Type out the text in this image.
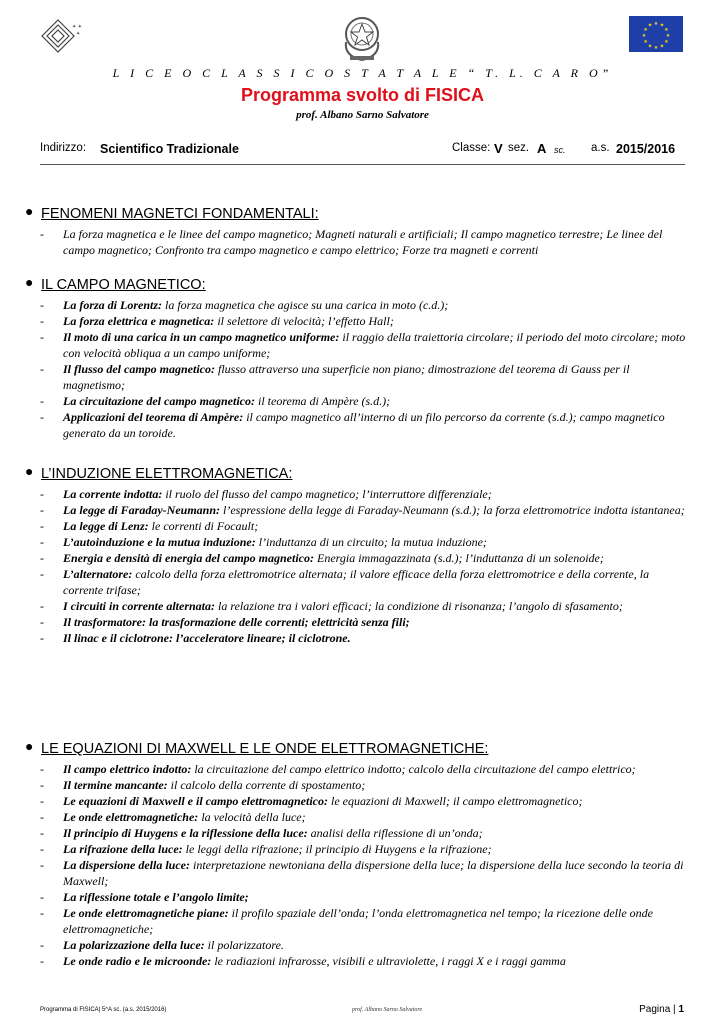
✦ ✦
✦
★ ★
★
★
★
★
★
★
★
★
★
★
L I C E O C L A S S I C O S T A T A L E “ T. L. C A R O”
Programma svolto di FISICA
prof. Albano Sarno Salvatore
Indirizzo: Scientifico Tradizionale	Classe: V sez. A sc. a.s. 2015/2016
● FENOMENI MAGNETCI FONDAMENTALI:
- La forza magnetica e le linee del campo magnetico; Magneti naturali e artificiali; Il campo magnetico terrestre; Le linee del campo magnetico; Confronto tra campo magnetico e campo elettrico; Forze tra magneti e correnti
● IL CAMPO MAGNETICO:
- La forza di Lorentz: la forza magnetica che agisce su una carica in moto (c.d.);
- La forza elettrica e magnetica: il selettore di velocità; l’effetto Hall;
- Il moto di una carica in un campo magnetico uniforme: il raggio della traiettoria circolare; il periodo del moto circolare; moto con velocità obliqua a un campo uniforme;
- Il flusso del campo magnetico: flusso attraverso una superficie non piano; dimostrazione del teorema di Gauss per il magnetismo;
- La circuitazione del campo magnetico: il teorema di Ampère (s.d.);
- Applicazioni del teorema di Ampère: il campo magnetico all’interno di un filo percorso da corrente (s.d.); campo magnetico generato da un toroide.
● L’INDUZIONE ELETTROMAGNETICA:
- La corrente indotta: il ruolo del flusso del campo magnetico; l’interruttore differenziale;
- La legge di Faraday-Neumann: l’espressione della legge di Faraday-Neumann (s.d.); la forza elettromotrice indotta istantanea;
- La legge di Lenz: le correnti di Focault;
- L’autoinduzione e la mutua induzione: l’induttanza di un circuito; la mutua induzione;
- Energia e densità di energia del campo magnetico: Energia immagazzinata (s.d.); l’induttanza di un solenoide;
- L’alternatore: calcolo della forza elettromotrice alternata; il valore efficace della forza elettromotrice e della corrente, la corrente trifase;
- I circuiti in corrente alternata: la relazione tra i valori efficaci; la condizione di risonanza; l’angolo di sfasamento;
- Il trasformatore: la trasformazione delle correnti; elettricità senza fili;
- Il linac e il ciclotrone: l’acceleratore lineare; il ciclotrone.
● LE EQUAZIONI DI MAXWELL E LE ONDE ELETTROMAGNETICHE:
- Il campo elettrico indotto: la circuitazione del campo elettrico indotto; calcolo della circuitazione del campo elettrico;
- Il termine mancante: il calcolo della corrente di spostamento;
- Le equazioni di Maxwell e il campo elettromagnetico: le equazioni di Maxwell; il campo elettromagnetico;
- Le onde elettromagnetiche: la velocità della luce;
- Il principio di Huygens e la riflessione della luce: analisi della riflessione di un’onda;
- La rifrazione della luce: le leggi della rifrazione; il principio di Huygens e la rifrazione;
- La dispersione della luce: interpretazione newtoniana della dispersione della luce; la dispersione della luce secondo la teoria di Maxwell;
- La riflessione totale e l’angolo limite;
- Le onde elettromagnetiche piane: il profilo spaziale dell’onda; l’onda elettromagnetica nel tempo; la ricezione delle onde elettromagnetiche;
- La polarizzazione della luce: il polarizzatore.
- Le onde radio e le microonde: le radiazioni infrarosse, visibili e ultraviolette, i raggi X e i raggi gamma
Programma di FISICA| 5^A sc. (a.s. 2015/2016)	prof. Albano Sarno Salvatore	Pagina | 1
